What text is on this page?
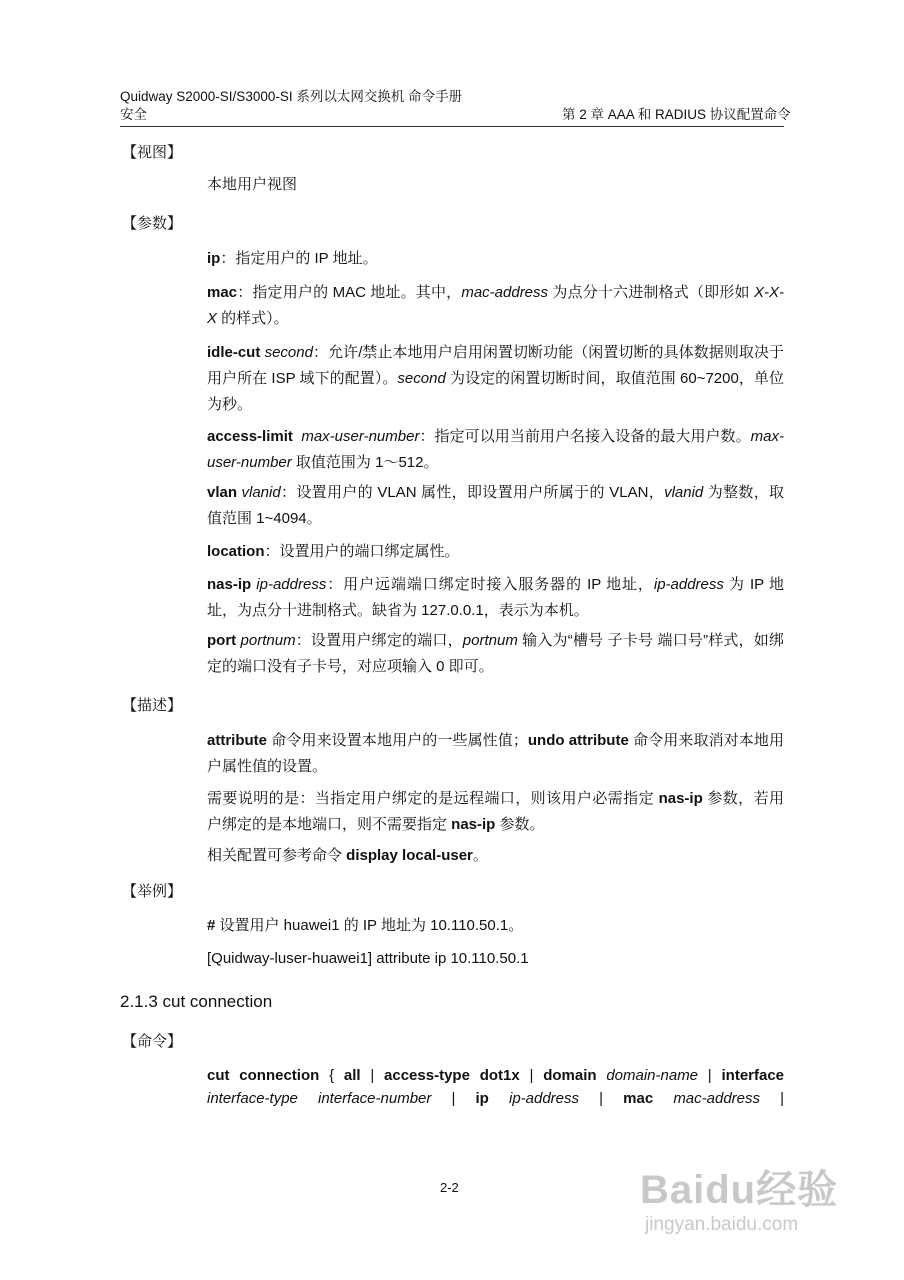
Quidway S2000-SI/S3000-SI 系列以太网交换机 命令手册
安全	第 2 章 AAA 和 RADIUS 协议配置命令
【视图】
本地用户视图
【参数】
ip：指定用户的 IP 地址。
mac：指定用户的 MAC 地址。其中，mac-address 为点分十六进制格式（即形如 X-X-X 的样式）。
idle-cut second：允许/禁止本地用户启用闲置切断功能（闲置切断的具体数据则取决于用户所在 ISP 域下的配置）。second 为设定的闲置切断时间，取值范围 60~7200，单位为秒。
access-limit max-user-number：指定可以用当前用户名接入设备的最大用户数。max-user-number 取值范围为 1～512。
vlan vlanid：设置用户的 VLAN 属性，即设置用户所属于的 VLAN，vlanid 为整数，取值范围 1~4094。
location：设置用户的端口绑定属性。
nas-ip ip-address：用户远端端口绑定时接入服务器的 IP 地址，ip-address 为 IP 地址，为点分十进制格式。缺省为 127.0.0.1，表示为本机。
port portnum：设置用户绑定的端口，portnum 输入为“槽号 子卡号 端口号”样式，如绑定的端口没有子卡号，对应项输入 0 即可。
【描述】
attribute 命令用来设置本地用户的一些属性值；undo attribute 命令用来取消对本地用户属性值的设置。
需要说明的是：当指定用户绑定的是远程端口，则该用户必需指定 nas-ip 参数，若用户绑定的是本地端口，则不需要指定 nas-ip 参数。
相关配置可参考命令 display local-user。
【举例】
# 设置用户 huawei1 的 IP 地址为 10.110.50.1。
[Quidway-luser-huawei1] attribute ip 10.110.50.1
2.1.3 cut connection
【命令】
cut connection { all | access-type dot1x | domain domain-name | interface
interface-type interface-number | ip ip-address | mac mac-address |
2-2	Baidu经验
jingyan.baidu.com
